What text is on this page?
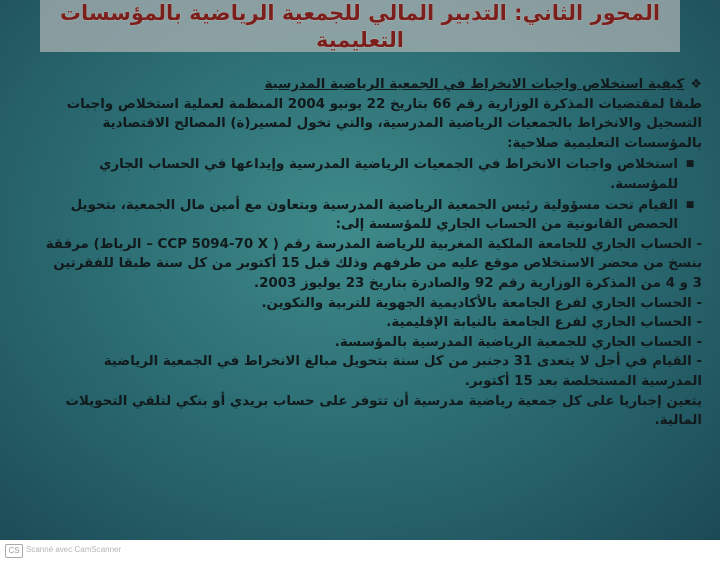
المحور الثاني: التدبير المالي للجمعية الرياضية بالمؤسسات التعليمية

❖كيفية استخلاص واجبات الانخراط في الجمعية الرياضية المدرسية

طبقا لمقتضيات المذكرة الوزارية رقم 66 بتاريخ 22 يونيو 2004 المنظمة لعملية استخلاص واجبات التسجيل والانخراط بالجمعيات الرياضية المدرسية، والتي تخول لمسير(ة) المصالح الاقتصادية بالمؤسسات التعليمية صلاحية:

■
استخلاص واجبات الانخراط في الجمعيات الرياضية المدرسية وإيداعها في الحساب الجاري للمؤسسة.
■
القيام تحت مسؤولية رئيس الجمعية الرياضية المدرسية وبتعاون مع أمين مال الجمعية، بتحويل الحصص القانونية من الحساب الجاري للمؤسسة إلى:

- الحساب الجاري للجامعة الملكية المغربية للرياضة المدرسة رقم ( CCP 5094-70 X – الرباط) مرفقة بنسخ من محضر الاستخلاص موقع عليه من طرفهم وذلك قبل 15 أكتوبر من كل سنة طبقا للفقرتين 3 و 4 من المذكرة الوزارية رقم 92 والصادرة بتاريخ 23 يوليوز 2003.

- الحساب الجاري لفرع الجامعة بالأكاديمية الجهوية للتربية والتكوين.

- الحساب الجاري لفرع الجامعة بالنيابة الإقليمية.

- الحساب الجاري للجمعية الرياضية المدرسية بالمؤسسة.

- القيام في أجل لا يتعدى 31 دجنبر من كل سنة بتحويل مبالغ الانخراط في الجمعية الرياضية المدرسية المستخلصة بعد 15 أكتوبر.

يتعين إجباريا على كل جمعية رياضية مدرسية أن تتوفر على حساب بريدي أو بنكي لتلقي التحويلات المالية.

CS Scanné avec CamScanner
